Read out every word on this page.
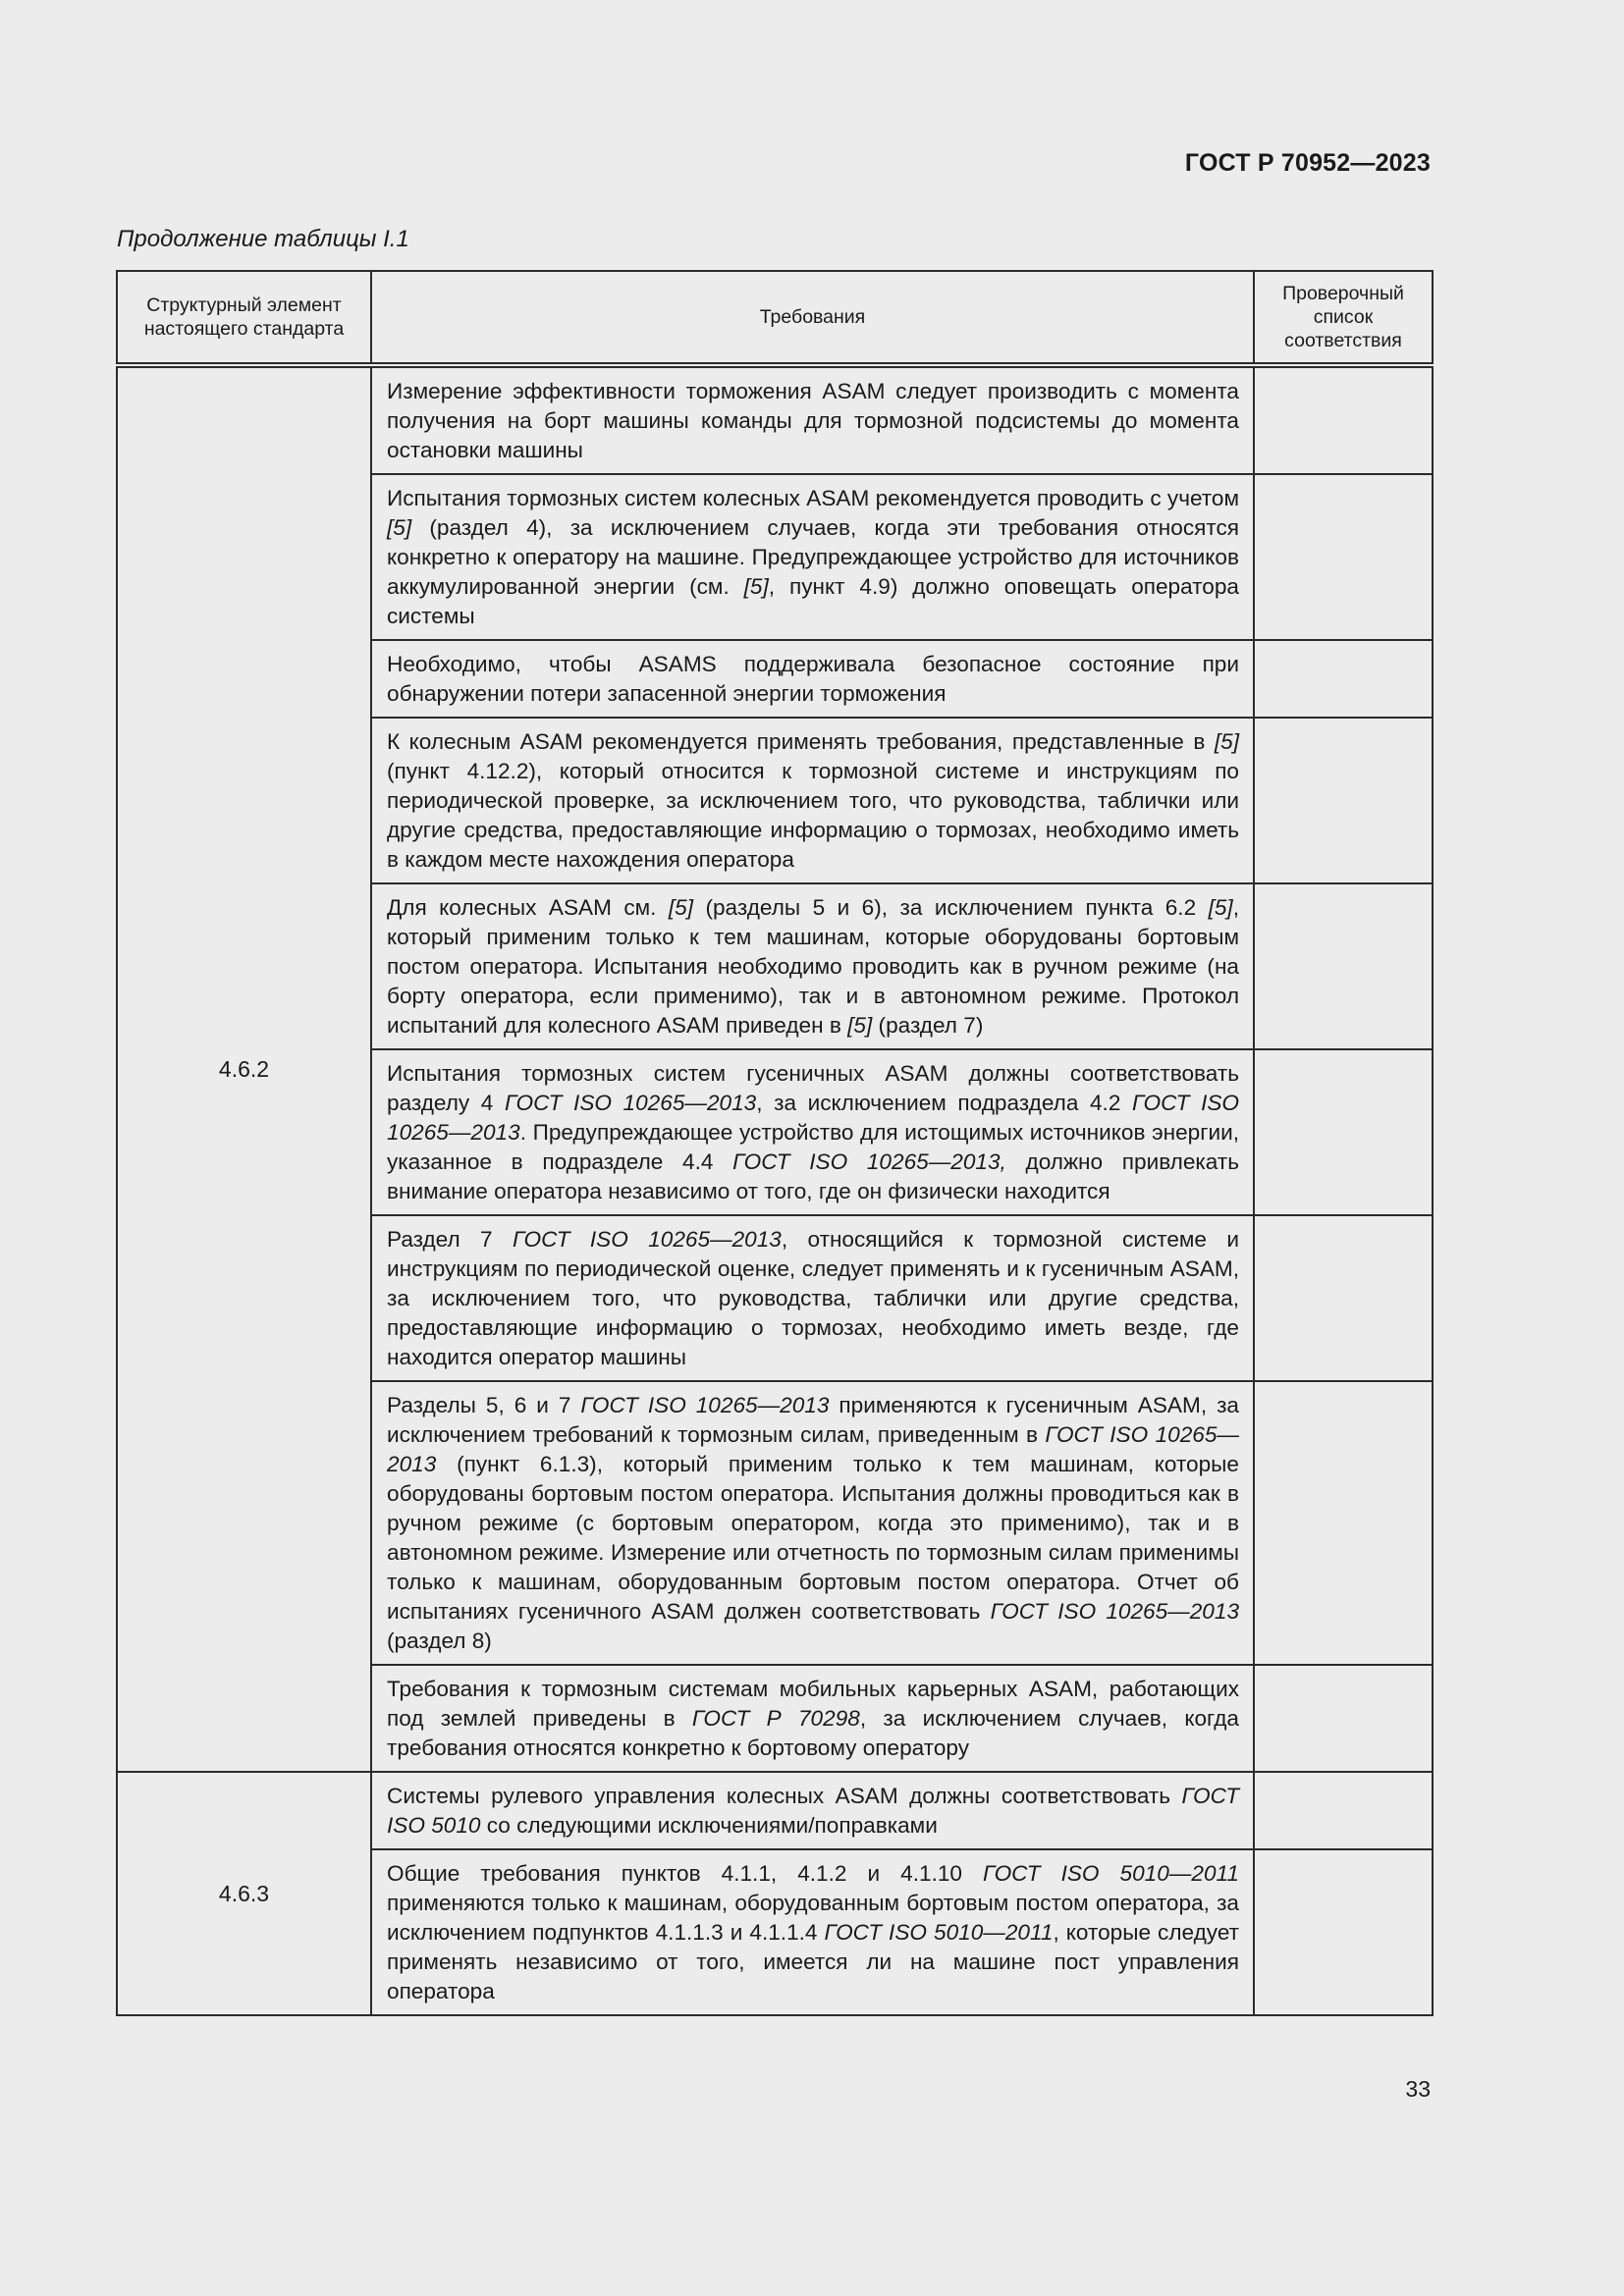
ГОСТ Р 70952—2023
Продолжение таблицы I.1
Структурный элемент настоящего стандарта	Требования	Проверочный список соответствия
4.6.2	Измерение эффективности торможения ASAM следует производить с момента получения на борт машины команды для тормозной подсистемы до момента остановки машины	
	Испытания тормозных систем колесных ASAM рекомендуется проводить с учетом [5] (раздел 4), за исключением случаев, когда эти требования относятся конкретно к оператору на машине. Предупреждающее устройство для источников аккумулированной энергии (см. [5], пункт 4.9) должно оповещать оператора системы	
	Необходимо, чтобы ASAMS поддерживала безопасное состояние при обнаружении потери запасенной энергии торможения	
	К колесным ASAM рекомендуется применять требования, представленные в [5] (пункт 4.12.2), который относится к тормозной системе и инструкциям по периодической проверке, за исключением того, что руководства, таблички или другие средства, предоставляющие информацию о тормозах, необходимо иметь в каждом месте нахождения оператора	
	Для колесных ASAM см. [5] (разделы 5 и 6), за исключением пункта 6.2 [5], который применим только к тем машинам, которые оборудованы бортовым постом оператора. Испытания необходимо проводить как в ручном режиме (на борту оператора, если применимо), так и в автономном режиме. Протокол испытаний для колесного ASAM приведен в [5] (раздел 7)	
	Испытания тормозных систем гусеничных ASAM должны соответствовать разделу 4 ГОСТ ISO 10265—2013, за исключением подраздела 4.2 ГОСТ ISO 10265—2013. Предупреждающее устройство для истощимых источников энергии, указанное в подразделе 4.4 ГОСТ ISO 10265—2013, должно привлекать внимание оператора независимо от того, где он физически находится	
	Раздел 7 ГОСТ ISO 10265—2013, относящийся к тормозной системе и инструкциям по периодической оценке, следует применять и к гусеничным ASAM, за исключением того, что руководства, таблички или другие средства, предоставляющие информацию о тормозах, необходимо иметь везде, где находится оператор машины	
	Разделы 5, 6 и 7 ГОСТ ISO 10265—2013 применяются к гусеничным ASAM, за исключением требований к тормозным силам, приведенным в ГОСТ ISO 10265—2013 (пункт 6.1.3), который применим только к тем машинам, которые оборудованы бортовым постом оператора. Испытания должны проводиться как в ручном режиме (с бортовым оператором, когда это применимо), так и в автономном режиме. Измерение или отчетность по тормозным силам применимы только к машинам, оборудованным бортовым постом оператора. Отчет об испытаниях гусеничного ASAM должен соответствовать ГОСТ ISO 10265—2013 (раздел 8)	
	Требования к тормозным системам мобильных карьерных ASAM, работающих под землей приведены в ГОСТ Р 70298, за исключением случаев, когда требования относятся конкретно к бортовому оператору	
4.6.3	Системы рулевого управления колесных ASAM должны соответствовать ГОСТ ISO 5010 со следующими исключениями/поправками	
	Общие требования пунктов 4.1.1, 4.1.2 и 4.1.10 ГОСТ ISO 5010—2011 применяются только к машинам, оборудованным бортовым постом оператора, за исключением подпунктов 4.1.1.3 и 4.1.1.4 ГОСТ ISO 5010—2011, которые следует применять независимо от того, имеется ли на машине пост управления оператора	
33
